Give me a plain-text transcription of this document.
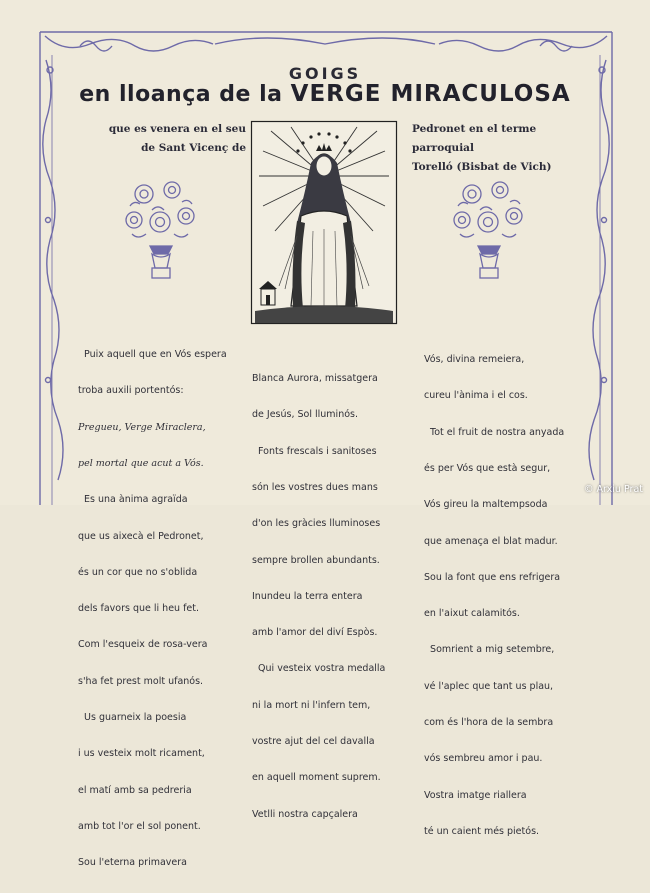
GOIGS
en lloança de la VERGE MIRACULOSA
que es venera en el seu
de Sant Vicenç de
Pedronet en el terme parroquial
Torelló (Bisbat de Vich)

Puix aquell que en Vós espera

troba auxili portentós:

Pregueu, Verge Miraclera,

pel mortal que acut a Vós.

Es una ànima agraïda

que us aixecà el Pedronet,

és un cor que no s'oblida

dels favors que li heu fet.

Com l'esqueix de rosa-vera

s'ha fet prest molt ufanós.

Us guarneix la poesia

i us vesteix molt ricament,

el matí amb sa pedreria

amb tot l'or el sol ponent.

Sou l'eterna primavera

Blanca Aurora, missatgera

de Jesús, Sol lluminós.

Fonts frescals i sanitoses

són les vostres dues mans

d'on les gràcies lluminoses

sempre brollen abundants.

Inundeu la terra entera

amb l'amor del diví Espòs.

Qui vesteix vostra medalla

ni la mort ni l'infern tem,

vostre ajut del cel davalla

en aquell moment suprem.

Vetlli nostra capçalera

Vós, divina remeiera,

cureu l'ànima i el cos.

Tot el fruit de nostra anyada

és per Vós que està segur,

Vós gireu la maltempsoda

que amenaça el blat madur.

Sou la font que ens refrigera

en l'aixut calamitós.

Somrient a mig setembre,

vé l'aplec que tant us plau,

com és l'hora de la sembra

vós sembreu amor i pau.

Vostra imatge riallera

té un caient més pietós.

© Arxiu Prat
